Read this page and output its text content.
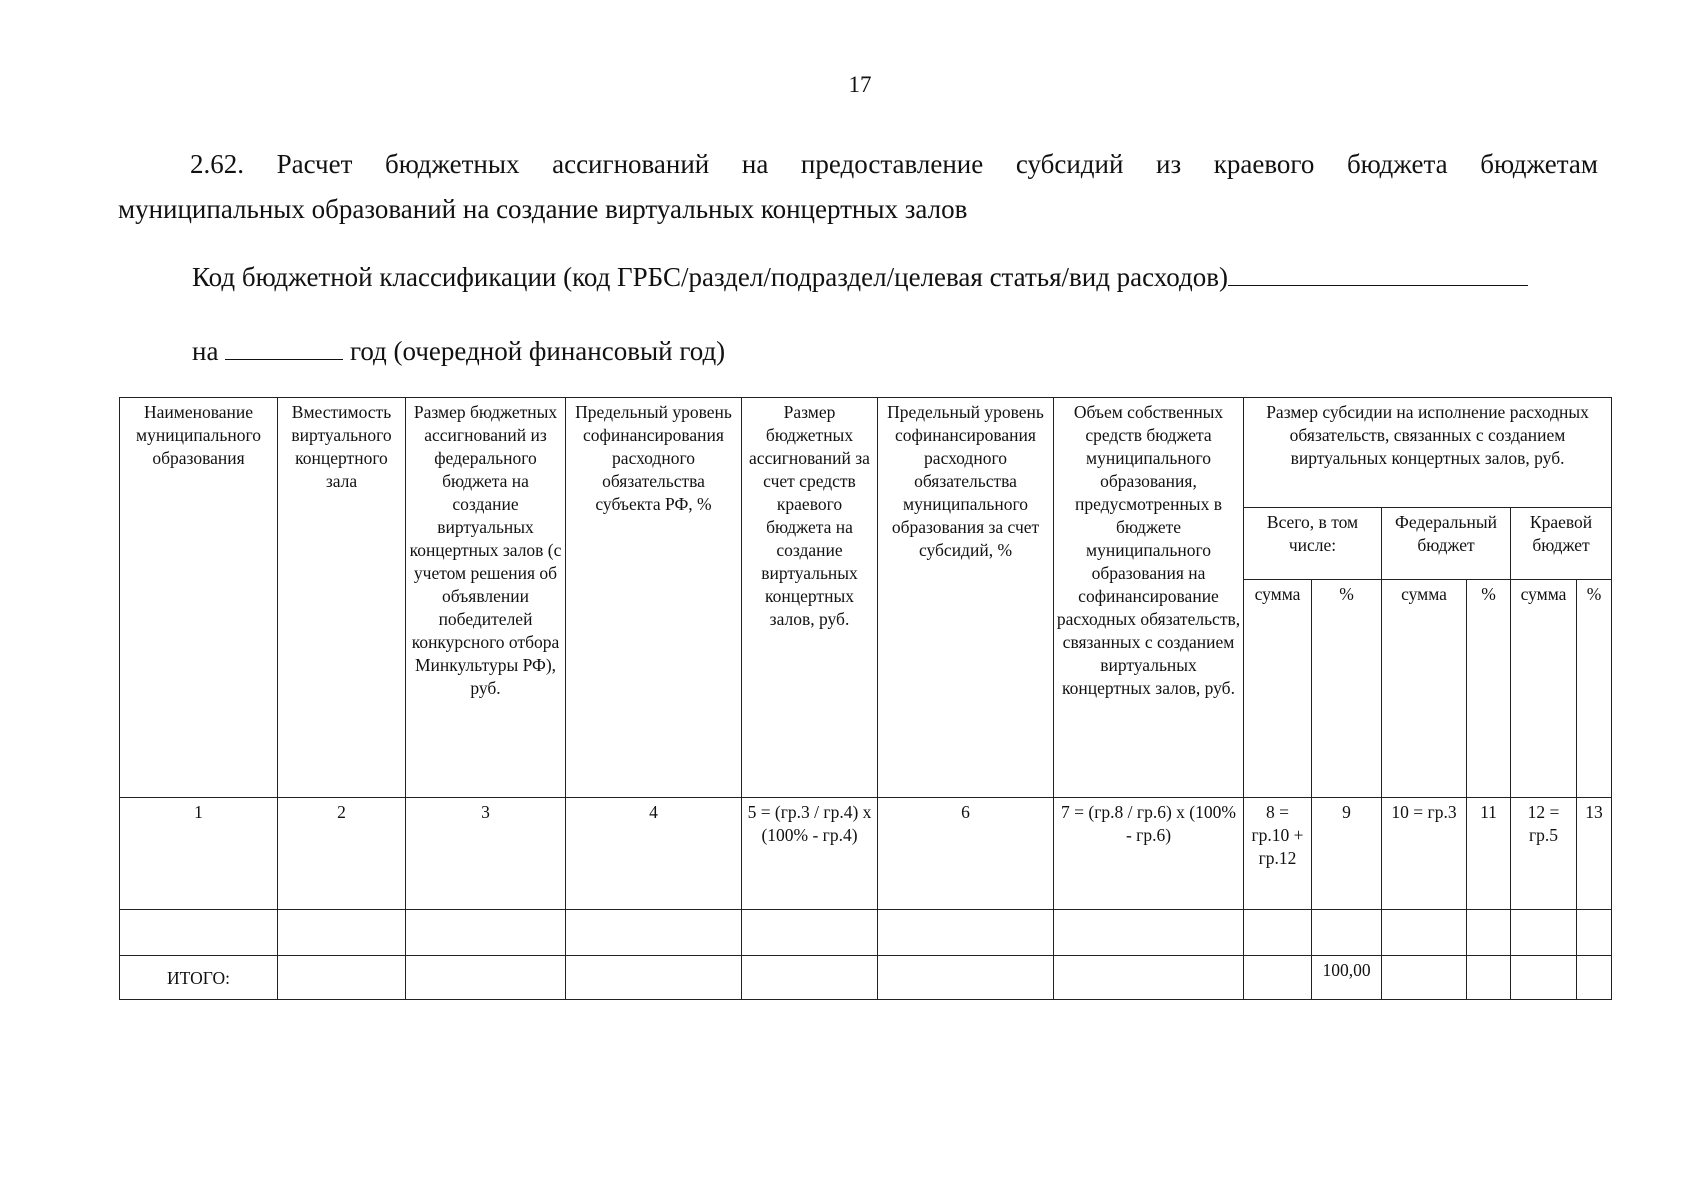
17
2.62. Расчет бюджетных ассигнований на предоставление субсидий из краевого бюджета бюджетам
муниципальных образований на создание виртуальных концертных залов
Код бюджетной классификации (код ГРБС/раздел/подраздел/целевая статья/вид расходов)
на	год (очередной финансовый год)
Наименование муниципального образования	Вместимость виртуального концертного зала	Размер бюджетных ассигнований из федерального бюджета на создание виртуальных концертных залов (с учетом решения об объявлении победителей конкурсного отбора Минкультуры РФ), руб.	Предельный уровень софинансирования расходного обязательства субъекта РФ, %	Размер бюджетных ассигнований за счет средств краевого бюджета на создание виртуальных концертных залов, руб.	Предельный уровень софинансирования расходного обязательства муниципального образования за счет субсидий, %	Объем собственных средств бюджета муниципального образования, предусмотренных в бюджете муниципального образования на софинансирование расходных обязательств, связанных с созданием виртуальных концертных залов, руб.	Размер субсидии на исполнение расходных обязательств, связанных с созданием виртуальных концертных залов, руб.					
							Всего, в том числе:		Федеральный бюджет		Краевой бюджет	
							сумма	%	сумма	%	сумма	%
1	2	3	4	5 = (гр.3 / гр.4) х (100% - гр.4)	6	7 = (гр.8 / гр.6) х (100% - гр.6)	8 = гр.10 + гр.12	9	10 = гр.3	11	12 = гр.5	13

ИТОГО:								100,00				
